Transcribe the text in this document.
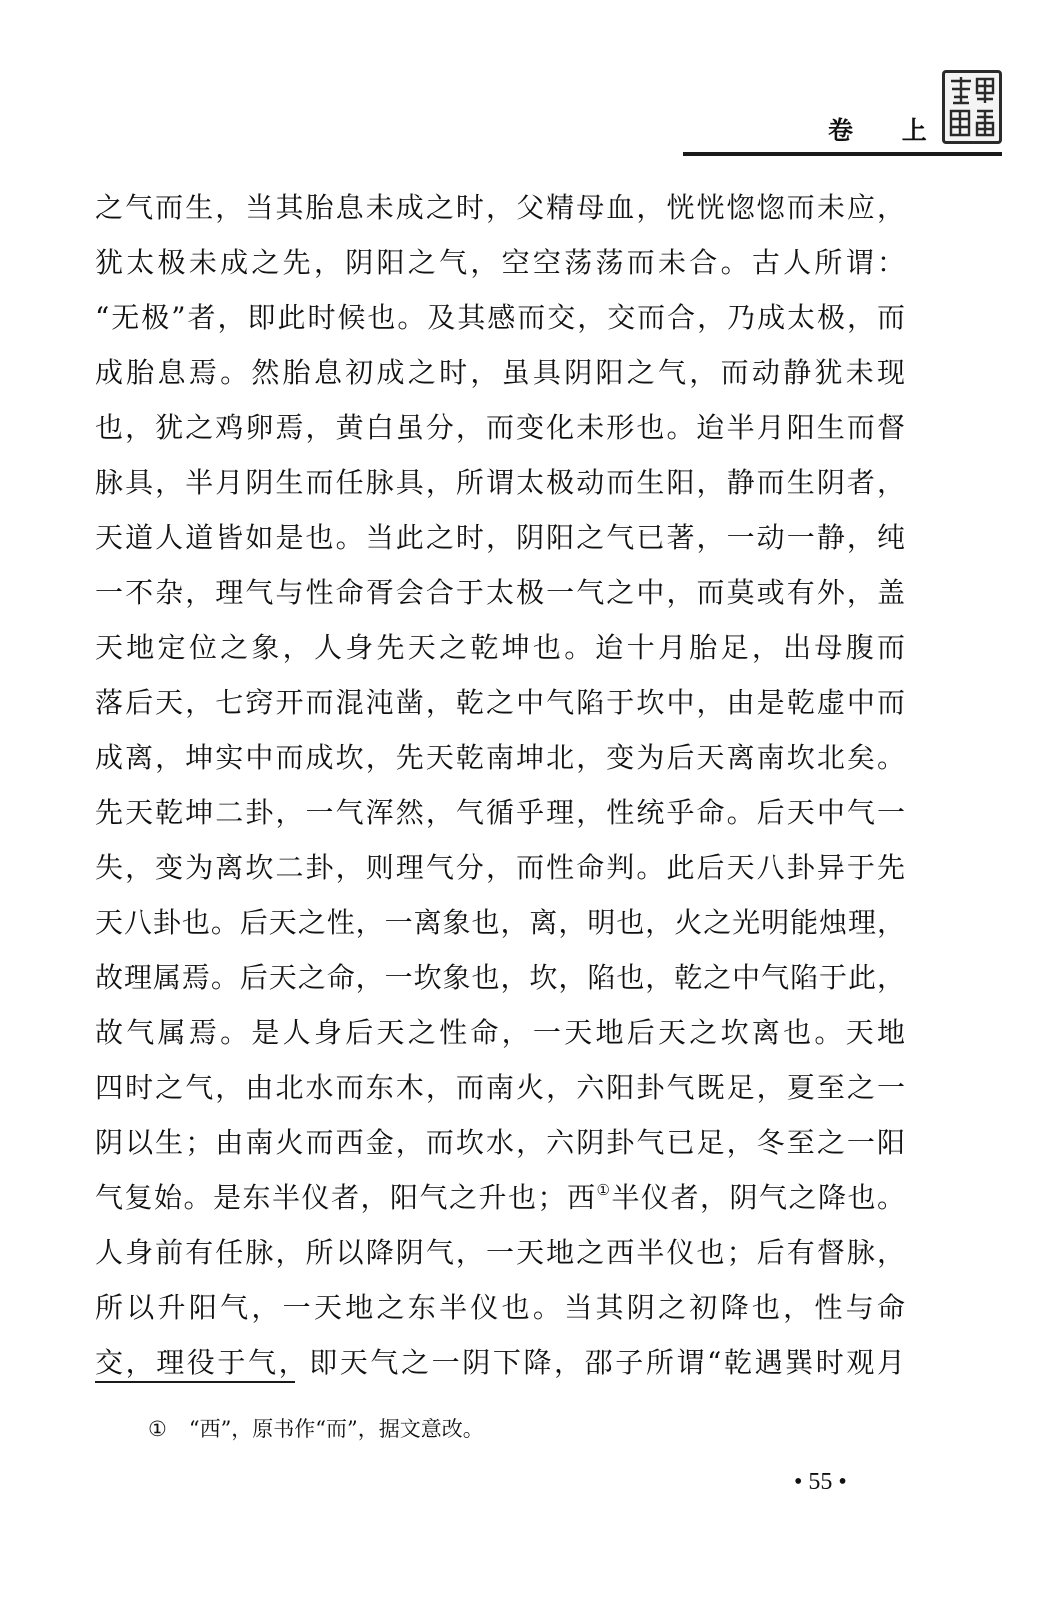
卷 上
之气而生，当其胎息未成之时，父精母血，恍恍惚惚而未应，
犹太极未成之先，阴阳之气，空空荡荡而未合。古人所谓：
“无极”者，即此时候也。及其感而交，交而合，乃成太极，而
成胎息焉。然胎息初成之时，虽具阴阳之气，而动静犹未现
也，犹之鸡卵焉，黄白虽分，而变化未形也。迨半月阳生而督
脉具，半月阴生而任脉具，所谓太极动而生阳，静而生阴者，
天道人道皆如是也。当此之时，阴阳之气已著，一动一静，纯
一不杂，理气与性命胥会合于太极一气之中，而莫或有外，盖
天地定位之象，人身先天之乾坤也。迨十月胎足，出母腹而
落后天，七窍开而混沌凿，乾之中气陷于坎中，由是乾虚中而
成离，坤实中而成坎，先天乾南坤北，变为后天离南坎北矣。
先天乾坤二卦，一气浑然，气循乎理，性统乎命。后天中气一
失，变为离坎二卦，则理气分，而性命判。此后天八卦异于先
天八卦也。后天之性，一离象也，离，明也，火之光明能烛理，
故理属焉。后天之命，一坎象也，坎，陷也，乾之中气陷于此，
故气属焉。是人身后天之性命，一天地后天之坎离也。天地
四时之气，由北水而东木，而南火，六阳卦气既足，夏至之一
阴以生；由南火而西金，而坎水，六阴卦气已足，冬至之一阳
气复始。是东半仪者，阳气之升也；西①半仪者，阴气之降也。
人身前有任脉，所以降阴气，一天地之西半仪也；后有督脉，
所以升阳气，一天地之东半仪也。当其阴之初降也，性与命
交，理役于气，即天气之一阴下降，邵子所谓“乾遇巽时观月
① “西”，原书作“而”，据文意改。
• 55 •
